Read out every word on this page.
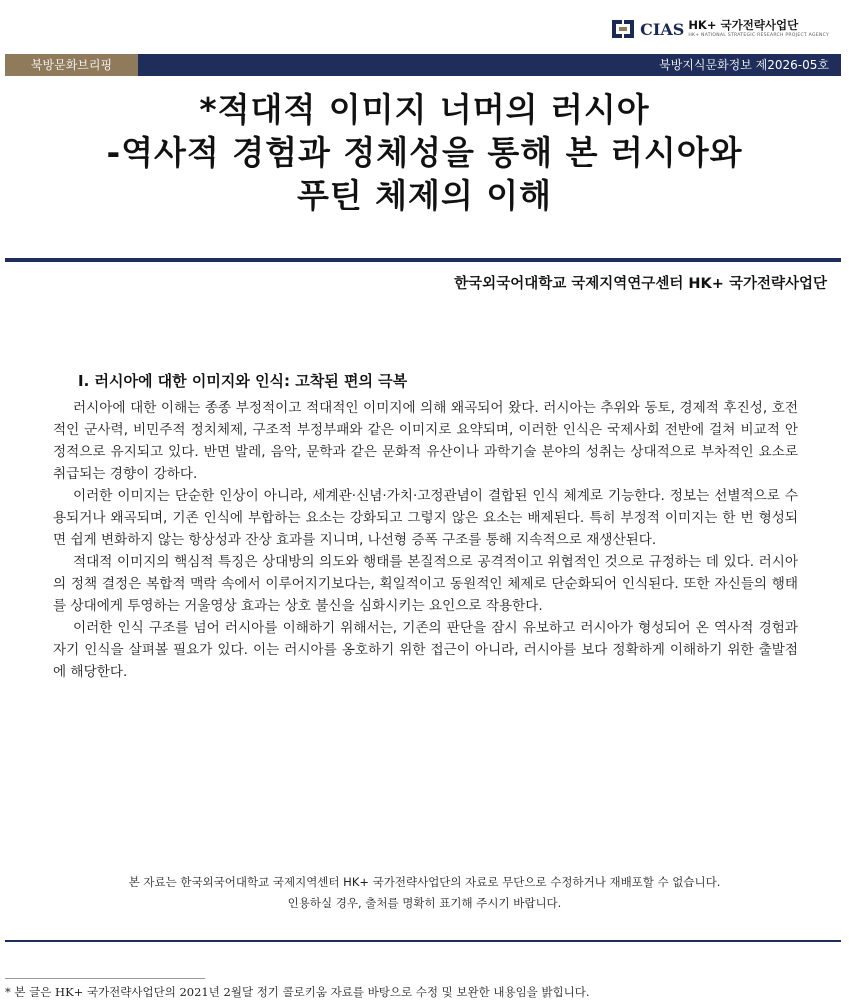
CIAS HK+ 국가전략사업단
HK+ NATIONAL STRATEGIC RESEARCH PROJECT AGENCY
북방문화브리핑	북방지식문화정보 제2026-05호
*적대적 이미지 너머의 러시아
-역사적 경험과 정체성을 통해 본 러시아와
푸틴 체제의 이해
한국외국어대학교 국제지역연구센터 HK+ 국가전략사업단
Ⅰ. 러시아에 대한 이미지와 인식: 고착된 편의 극복

러시아에 대한 이해는 종종 부정적이고 적대적인 이미지에 의해 왜곡되어 왔다. 러시아는 추위와 동토, 경제적 후진성, 호전적인 군사력, 비민주적 정치체제, 구조적 부정부패와 같은 이미지로 요약되며, 이러한 인식은 국제사회 전반에 걸쳐 비교적 안정적으로 유지되고 있다. 반면 발레, 음악, 문학과 같은 문화적 유산이나 과학기술 분야의 성취는 상대적으로 부차적인 요소로 취급되는 경향이 강하다.

이러한 이미지는 단순한 인상이 아니라, 세계관·신념·가치·고정관념이 결합된 인식 체계로 기능한다. 정보는 선별적으로 수용되거나 왜곡되며, 기존 인식에 부합하는 요소는 강화되고 그렇지 않은 요소는 배제된다. 특히 부정적 이미지는 한 번 형성되면 쉽게 변화하지 않는 항상성과 잔상 효과를 지니며, 나선형 증폭 구조를 통해 지속적으로 재생산된다.

적대적 이미지의 핵심적 특징은 상대방의 의도와 행태를 본질적으로 공격적이고 위협적인 것으로 규정하는 데 있다. 러시아의 정책 결정은 복합적 맥락 속에서 이루어지기보다는, 획일적이고 동원적인 체제로 단순화되어 인식된다. 또한 자신들의 행태를 상대에게 투영하는 거울영상 효과는 상호 불신을 심화시키는 요인으로 작용한다.

이러한 인식 구조를 넘어 러시아를 이해하기 위해서는, 기존의 판단을 잠시 유보하고 러시아가 형성되어 온 역사적 경험과 자기 인식을 살펴볼 필요가 있다. 이는 러시아를 옹호하기 위한 접근이 아니라, 러시아를 보다 정확하게 이해하기 위한 출발점에 해당한다.

본 자료는 한국외국어대학교 국제지역센터 HK+ 국가전략사업단의 자료로 무단으로 수정하거나 재배포할 수 없습니다.
인용하실 경우, 출처를 명확히 표기해 주시기 바랍니다.
* 본 글은 HK+ 국가전략사업단의 2021년 2월달 정기 콜로키움 자료를 바탕으로 수정 및 보완한 내용임을 밝힙니다.
